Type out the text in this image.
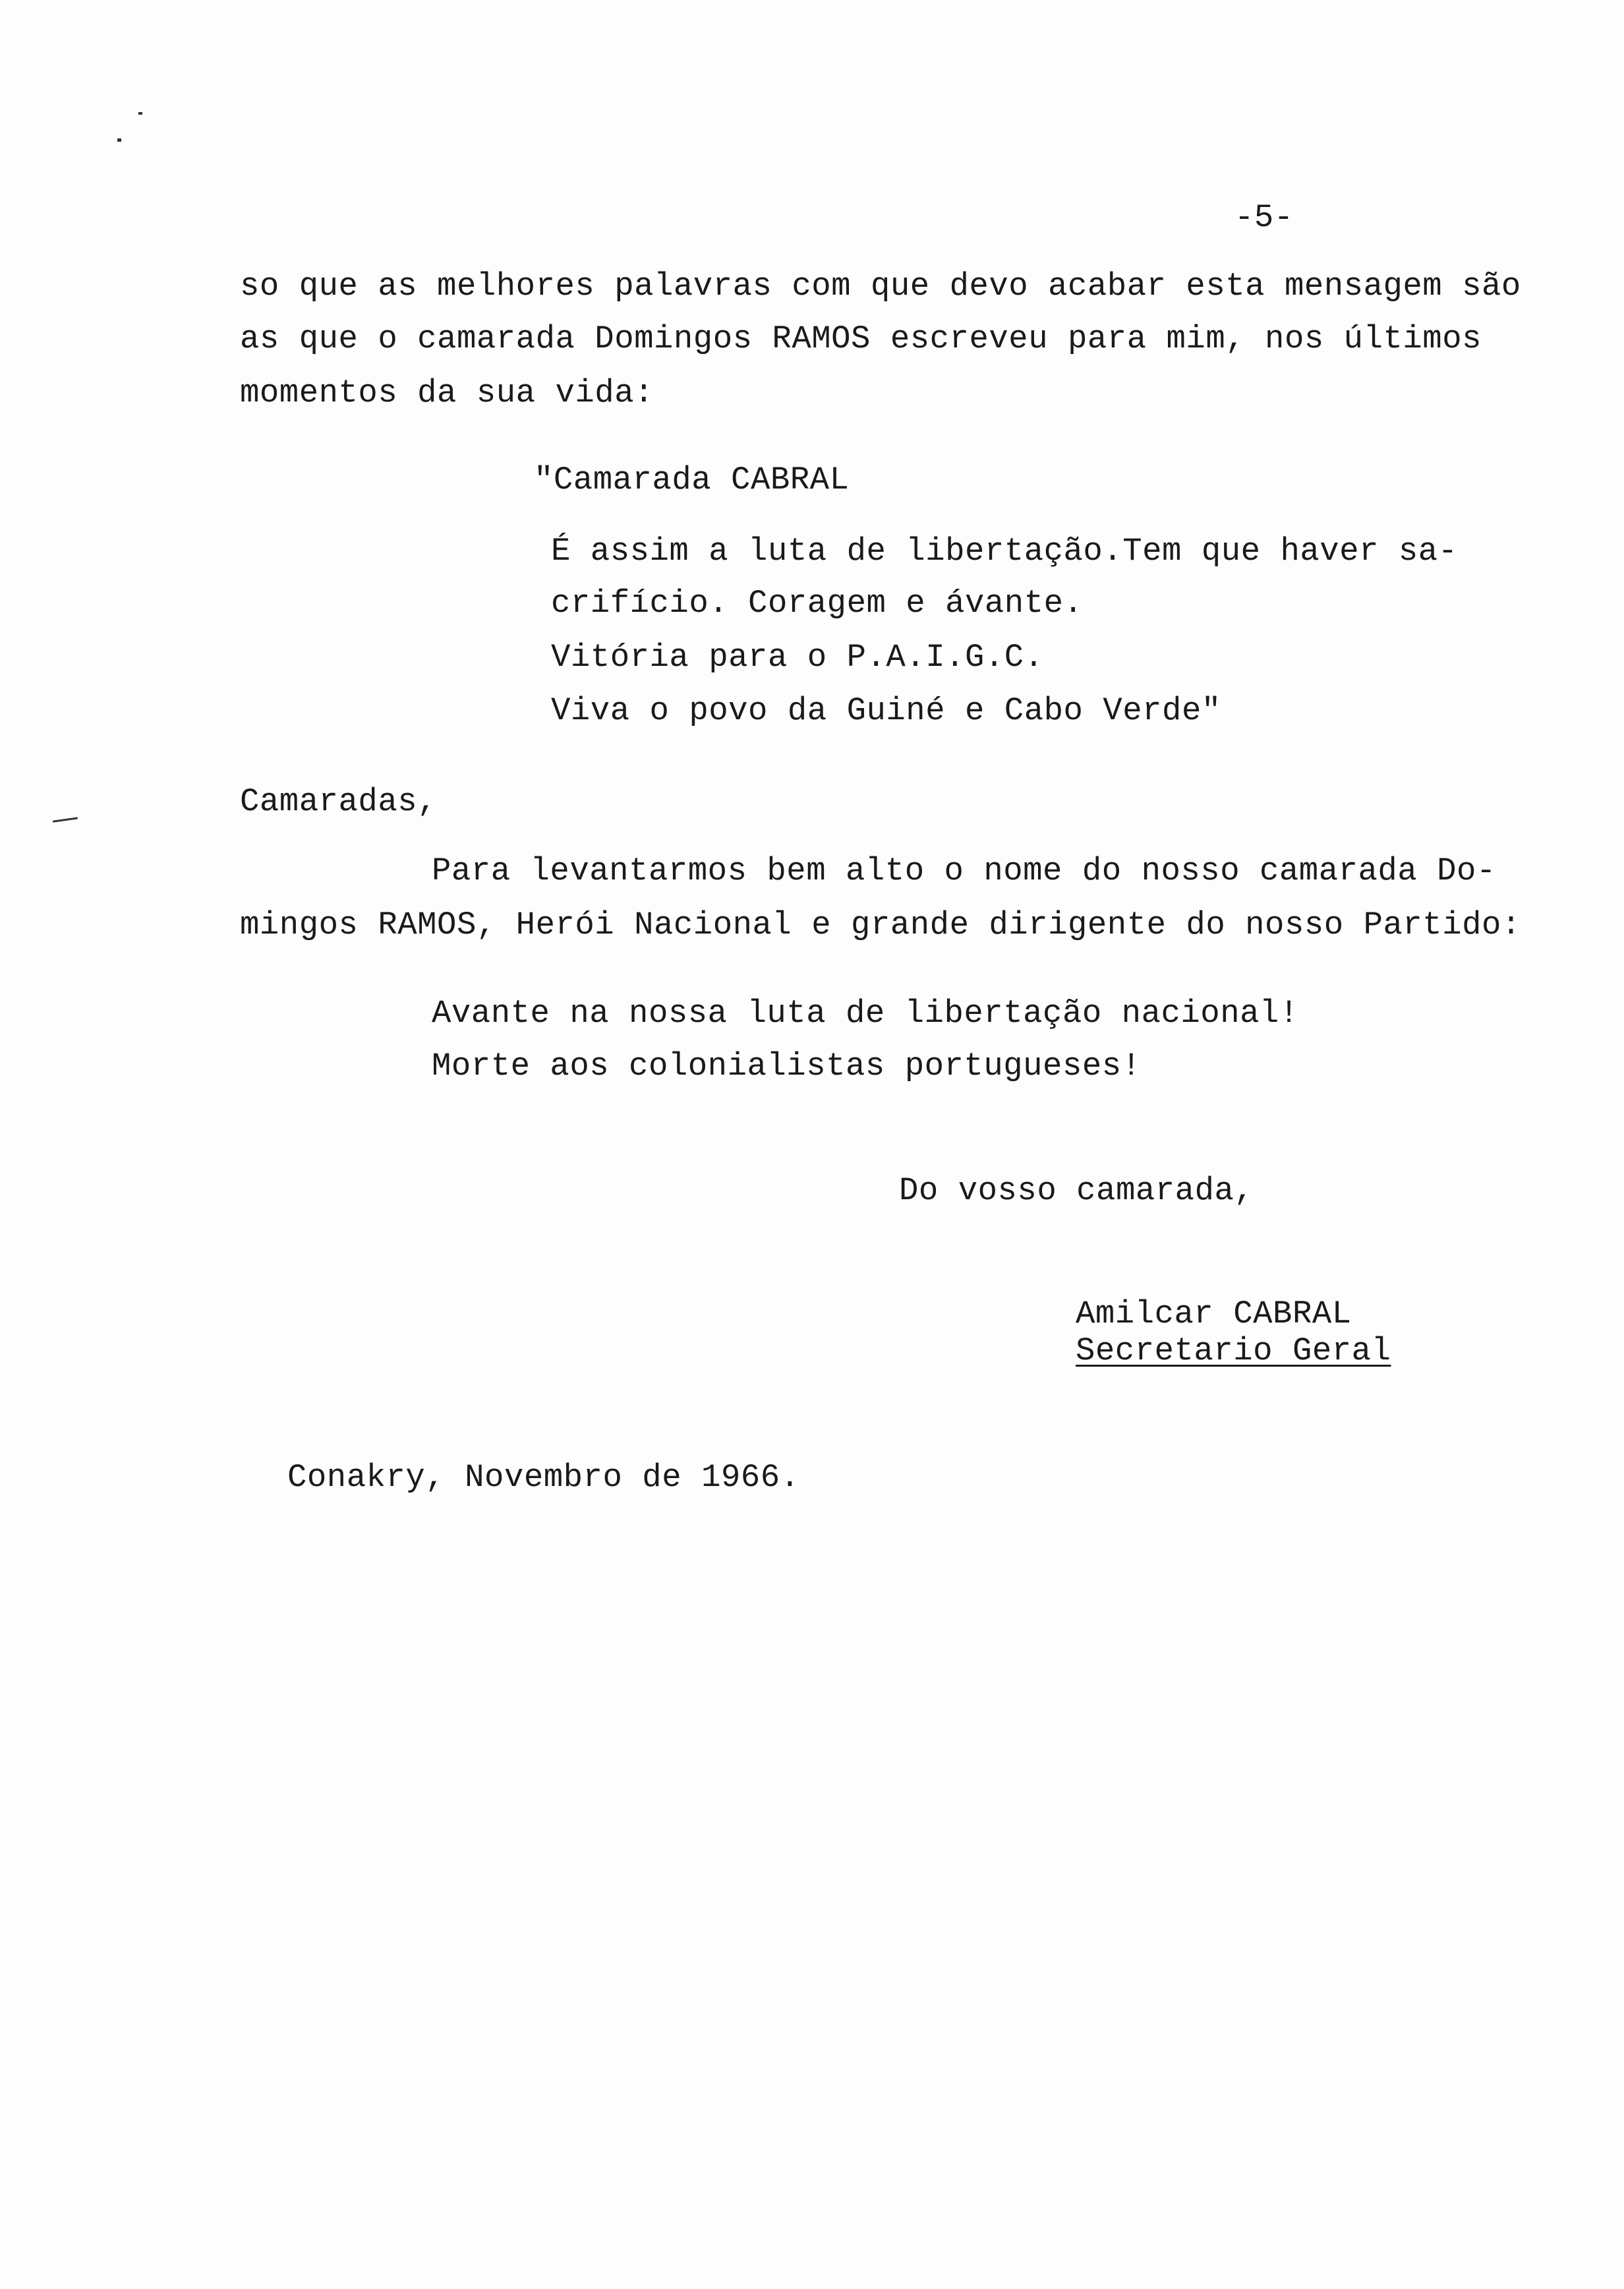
-5-
so que as melhores palavras com que devo acabar esta mensagem são
as que o camarada Domingos RAMOS escreveu para mim, nos últimos
momentos da sua vida:
"Camarada CABRAL
É assim a luta de libertação.Tem que haver sa-
crifício. Coragem e ávante.
Vitória para o P.A.I.G.C.
Viva o povo da Guiné e Cabo Verde"
Camaradas,
Para levantarmos bem alto o nome do nosso camarada Do-
mingos RAMOS, Herói Nacional e grande dirigente do nosso Partido:
Avante na nossa luta de libertação nacional!
Morte aos colonialistas portugueses!
Do vosso camarada,
Amilcar CABRAL
Secretario Geral
Conakry, Novembro de 1966.
